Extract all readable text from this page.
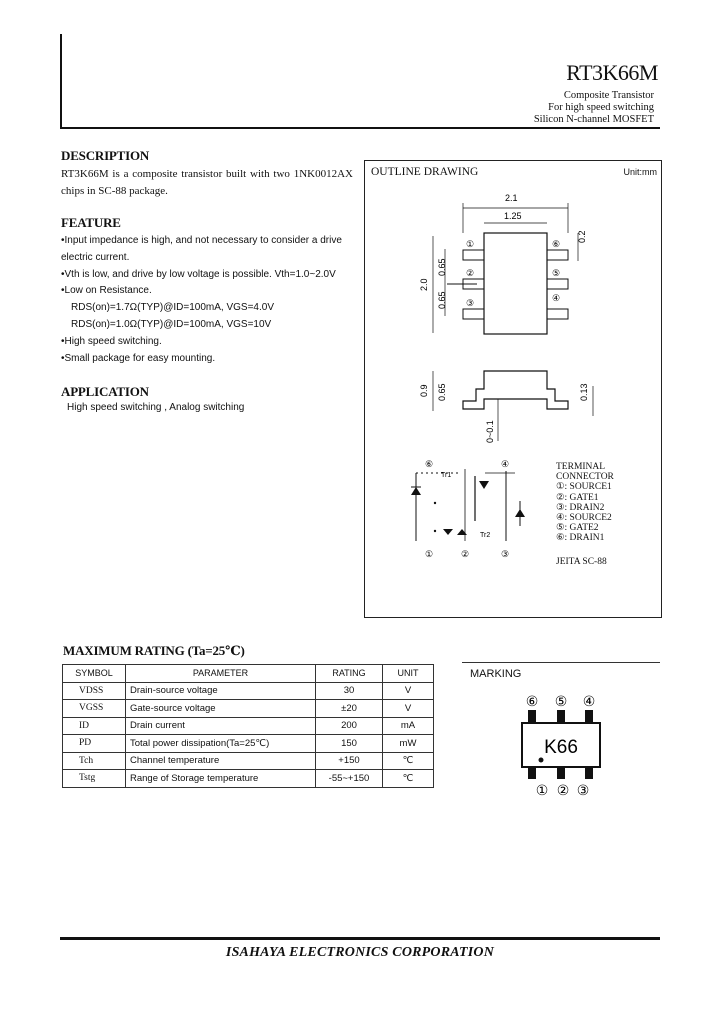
RT3K66M
Composite Transistor
For high speed switching
Silicon N-channel MOSFET
DESCRIPTION
RT3K66M is a composite transistor built with two 1NK0012AX chips in SC-88 package.
FEATURE
•Input impedance is high, and not necessary to consider a drive
electric current.
•Vth is low, and drive by low voltage is possible. Vth=1.0~2.0V
•Low on Resistance.
RDS(on)=1.7Ω(TYP)@ID=100mA, VGS=4.0V
RDS(on)=1.0Ω(TYP)@ID=100mA, VGS=10V
•High speed switching.
•Small package for easy mounting.
APPLICATION
High speed switching , Analog switching
OUTLINE DRAWING	Unit:mm
①
②
③
⑥
⑤
④
2.1
1.25
2.0
0.65
0.65
0.2
0.9 0.65	0.13
0~0.1
⑥	④
①	②	③
Tr1
Tr2
TERMINAL
CONNECTOR
①: SOURCE1
②: GATE1
③: DRAIN2
④: SOURCE2
⑤: GATE2
⑥: DRAIN1
JEITA SC-88
MAXIMUM RATING (Ta=25℃)
SYMBOL	PARAMETER	RATING	UNIT
VDSS	Drain-source voltage	30	V
VGSS	Gate-source voltage	±20	V
ID	Drain current	200	mA
PD	Total power dissipation(Ta=25℃)	150	mW
Tch	Channel temperature	+150	℃
Tstg	Range of Storage temperature	-55~+150	℃
MARKING
⑥ ⑤ ④
K66
① ② ③
ISAHAYA ELECTRONICS CORPORATION
